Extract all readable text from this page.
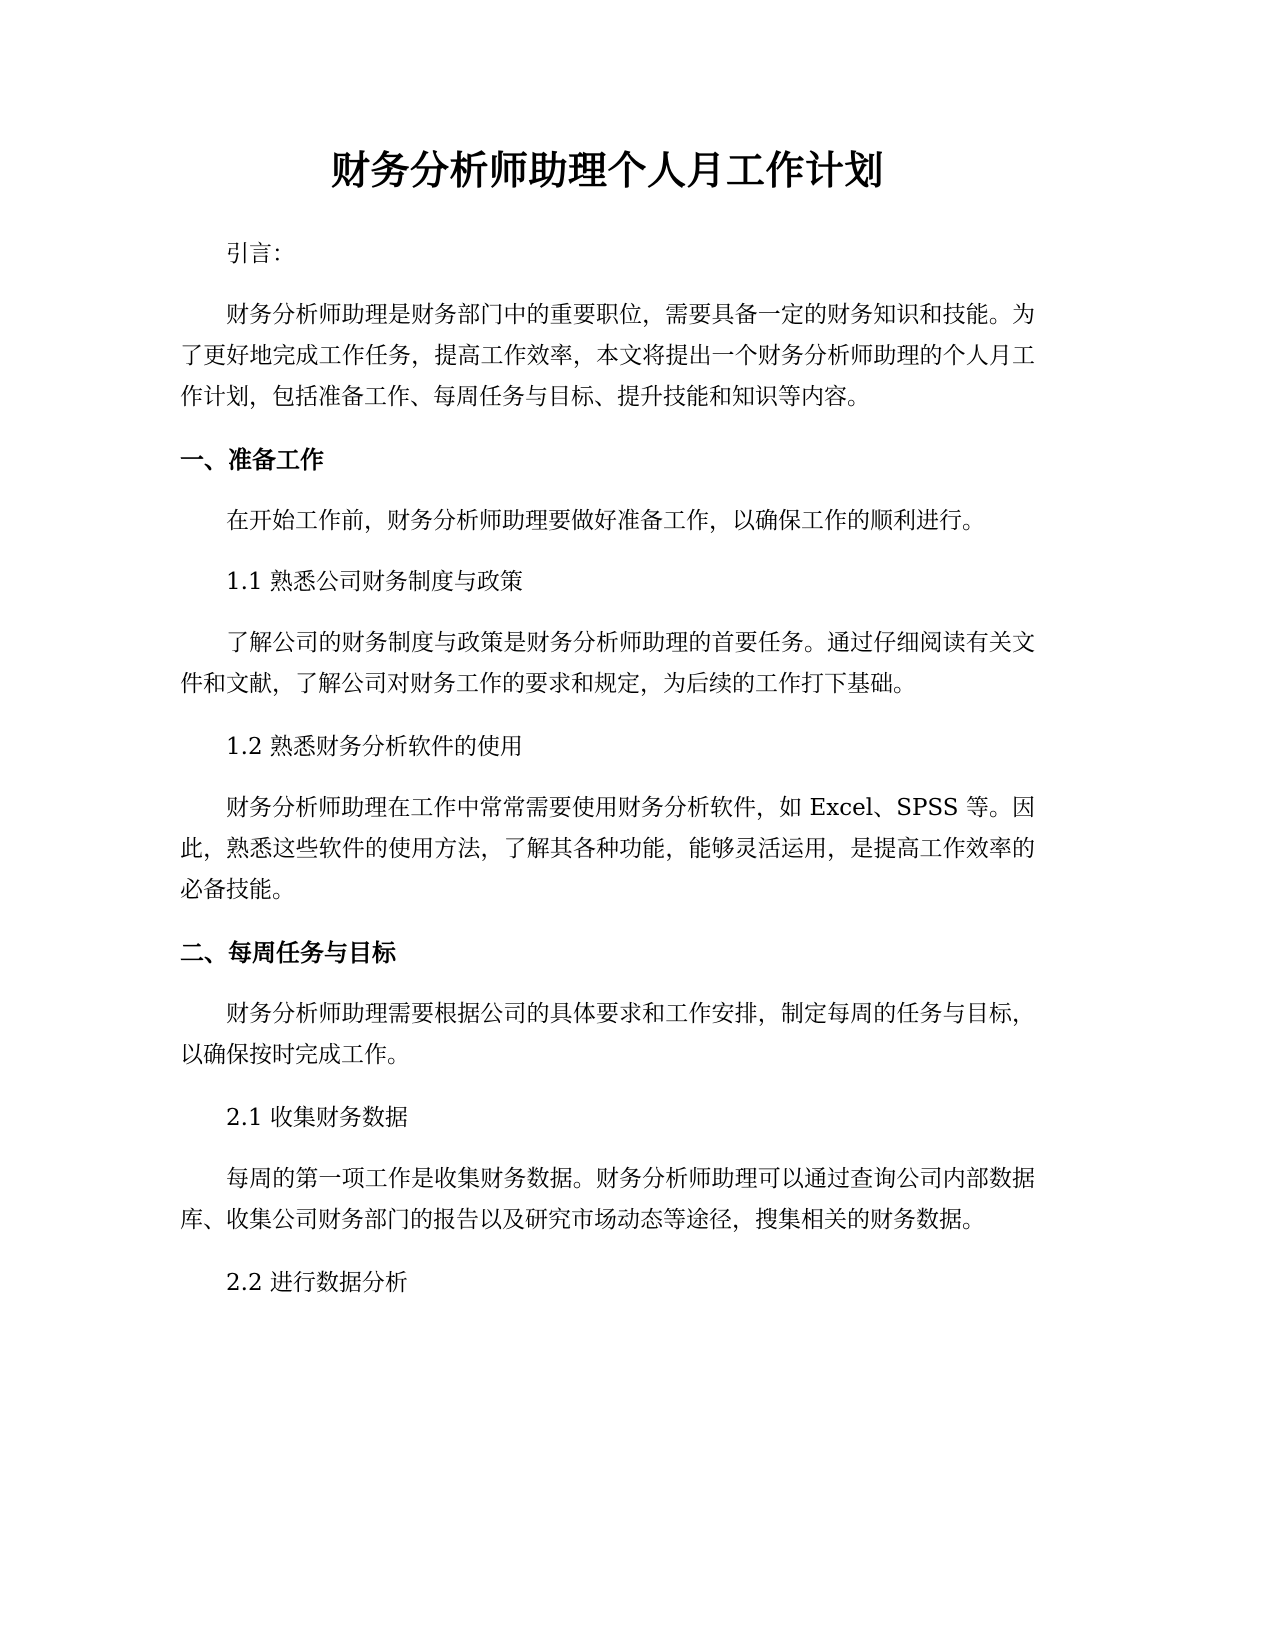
财务分析师助理个人月工作计划

引言：

财务分析师助理是财务部门中的重要职位，需要具备一定的财务知识和技能。为了更好地完成工作任务，提高工作效率，本文将提出一个财务分析师助理的个人月工作计划，包括准备工作、每周任务与目标、提升技能和知识等内容。

一、准备工作

在开始工作前，财务分析师助理要做好准备工作，以确保工作的顺利进行。

1.1 熟悉公司财务制度与政策

了解公司的财务制度与政策是财务分析师助理的首要任务。通过仔细阅读有关文件和文献，了解公司对财务工作的要求和规定，为后续的工作打下基础。

1.2 熟悉财务分析软件的使用

财务分析师助理在工作中常常需要使用财务分析软件，如 Excel、SPSS 等。因此，熟悉这些软件的使用方法，了解其各种功能，能够灵活运用，是提高工作效率的必备技能。

二、每周任务与目标

财务分析师助理需要根据公司的具体要求和工作安排，制定每周的任务与目标，以确保按时完成工作。

2.1 收集财务数据

每周的第一项工作是收集财务数据。财务分析师助理可以通过查询公司内部数据库、收集公司财务部门的报告以及研究市场动态等途径，搜集相关的财务数据。

2.2 进行数据分析
